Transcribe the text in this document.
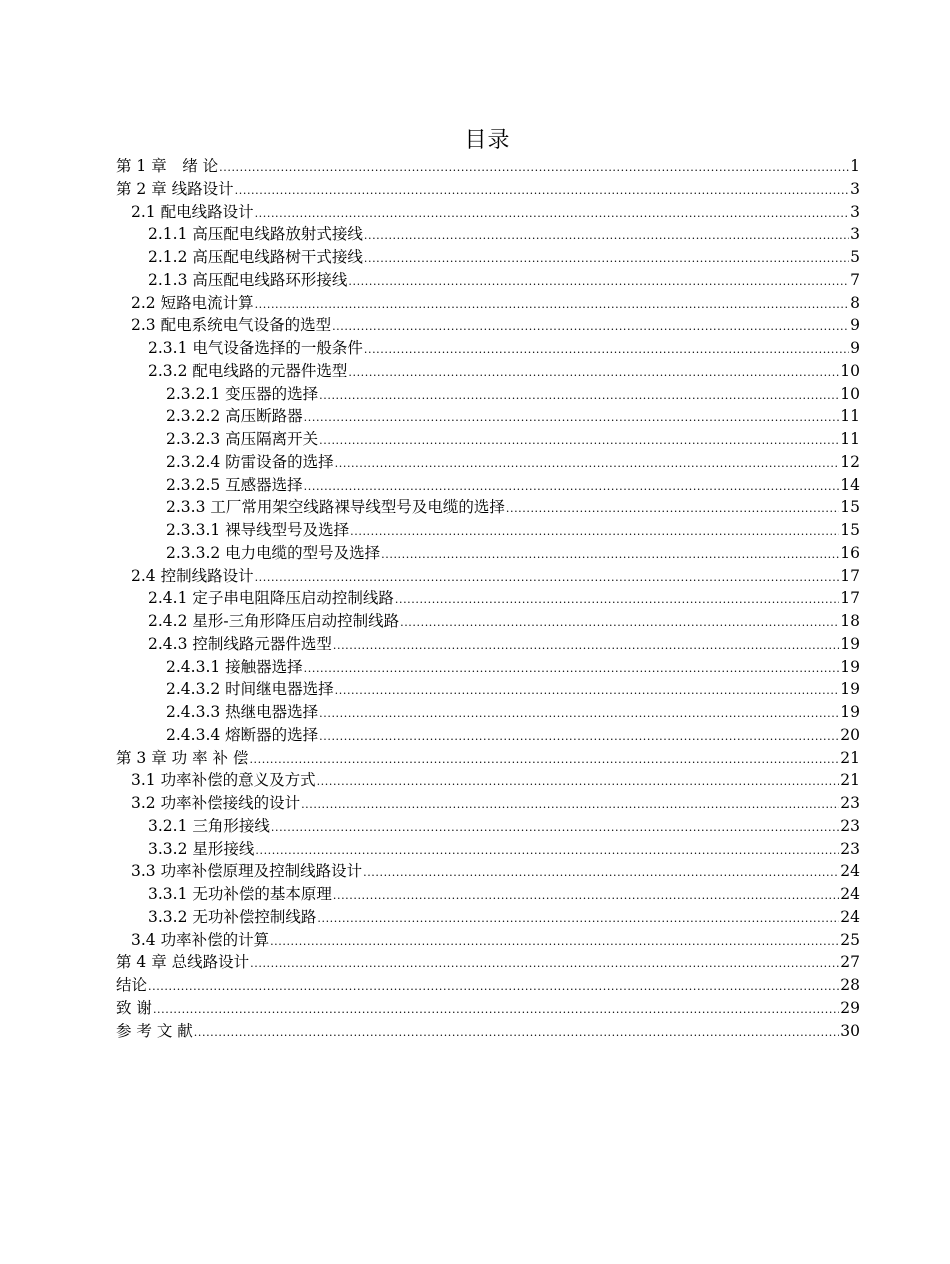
目录
第 1 章　绪 论 .....	1
第 2 章 线路设计 .....	3
2.1 配电线路设计 .....	3
2.1.1 高压配电线路放射式接线 .....	3
2.1.2 高压配电线路树干式接线 .....	5
2.1.3 高压配电线路环形接线 .....	7
2.2 短路电流计算 .....	8
2.3 配电系统电气设备的选型 .....	9
2.3.1 电气设备选择的一般条件 .....	9
2.3.2 配电线路的元器件选型 .....	10
2.3.2.1 变压器的选择 .....	10
2.3.2.2 高压断路器 .....	11
2.3.2.3 高压隔离开关 .....	11
2.3.2.4 防雷设备的选择 .....	12
2.3.2.5 互感器选择 .....	14
2.3.3 工厂常用架空线路裸导线型号及电缆的选择 .....	15
2.3.3.1 裸导线型号及选择 .....	15
2.3.3.2 电力电缆的型号及选择 .....	16
2.4 控制线路设计 .....	17
2.4.1 定子串电阻降压启动控制线路 .....	17
2.4.2 星形-三角形降压启动控制线路 .....	18
2.4.3 控制线路元器件选型 .....	19
2.4.3.1 接触器选择 .....	19
2.4.3.2 时间继电器选择 .....	19
2.4.3.3 热继电器选择 .....	19
2.4.3.4 熔断器的选择 .....	20
第 3 章 功 率 补 偿 .....	21
3.1 功率补偿的意义及方式 .....	21
3.2 功率补偿接线的设计 .....	23
3.2.1 三角形接线 .....	23
3.3.2 星形接线 .....	23
3.3 功率补偿原理及控制线路设计 .....	24
3.3.1 无功补偿的基本原理 .....	24
3.3.2 无功补偿控制线路 .....	24
3.4 功率补偿的计算 .....	25
第 4 章 总线路设计 .....	27
结论 .....	28
致 谢 .....	29
参 考 文 献 .....	30
